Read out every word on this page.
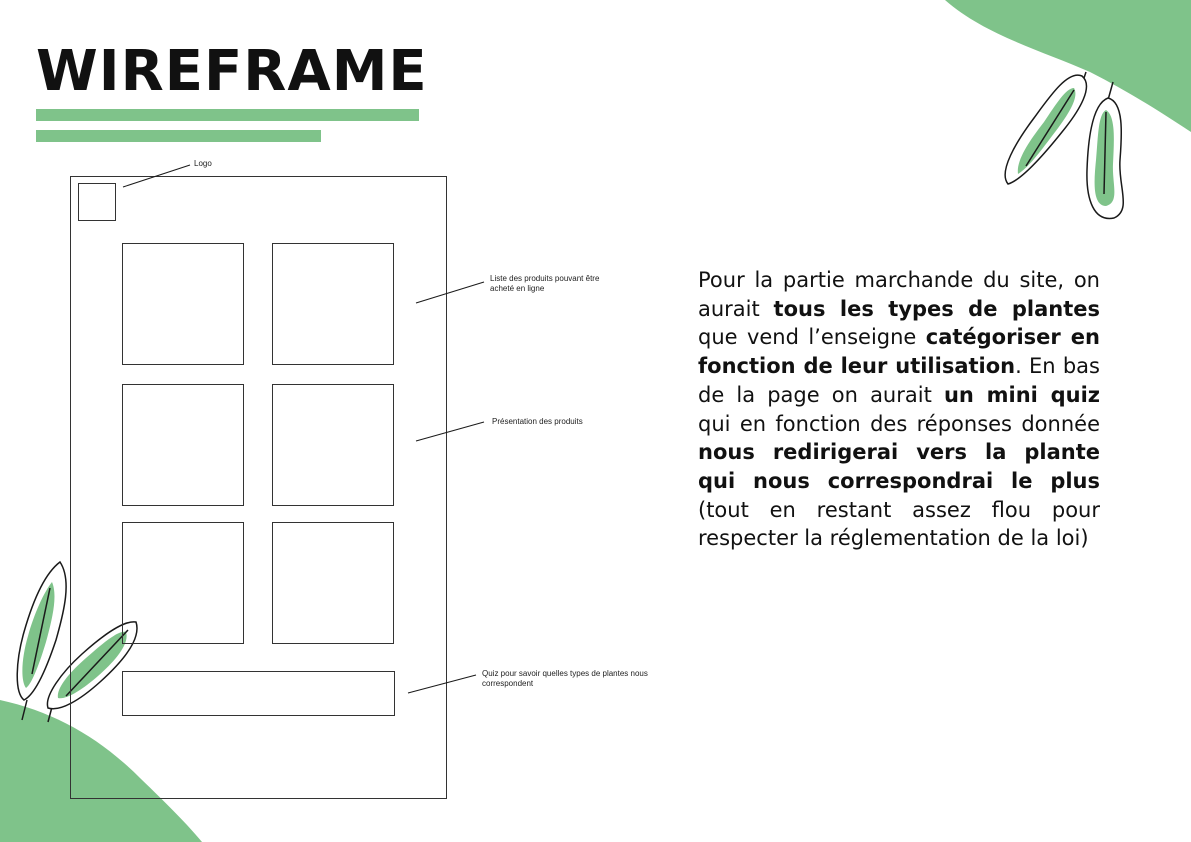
WIREFRAME
Logo
Liste des produits pouvant être acheté en ligne
Présentation des produits
Quiz pour savoir quelles types de plantes nous correspondent

Pour la partie marchande du site, on aurait tous les types de plantes que vend l’enseigne catégoriser en fonction de leur utilisation. En bas de la page on aurait un mini quiz qui en fonction des réponses donnée nous redirigerai vers la plante qui nous correspondrai le plus (tout en restant assez flou pour respecter la réglementation de la loi)
